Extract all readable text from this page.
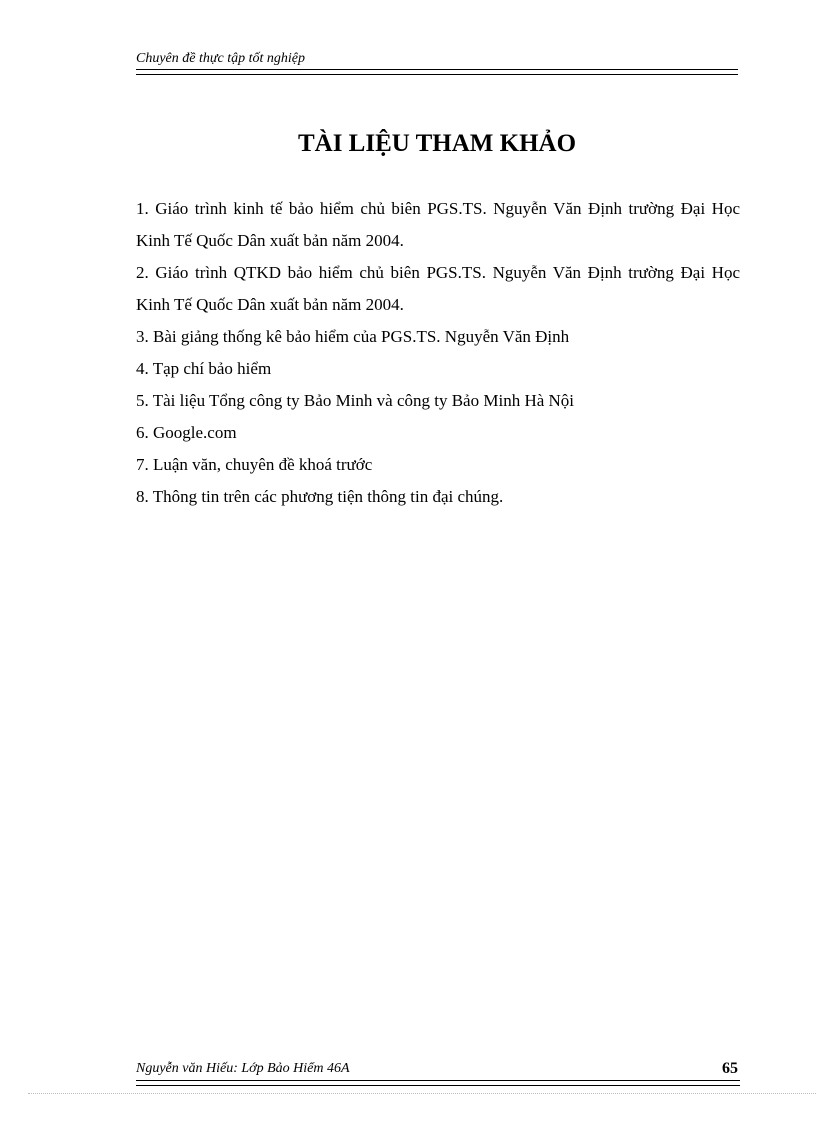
Chuyên đề thực tập tốt nghiệp
TÀI LIỆU THAM KHẢO
1. Giáo trình kinh tế bảo hiểm chủ biên PGS.TS. Nguyễn Văn Định trường Đại Học Kinh Tế Quốc Dân xuất bản năm 2004.
2. Giáo trình QTKD bảo hiểm chủ biên PGS.TS. Nguyễn Văn Định trường Đại Học Kinh Tế Quốc Dân xuất bản năm 2004.
3. Bài giảng thống kê bảo hiểm của PGS.TS. Nguyễn Văn Định
4. Tạp chí bảo hiểm
5. Tài liệu Tổng công ty Bảo Minh và công ty Bảo Minh Hà Nội
6. Google.com
7. Luận văn, chuyên đề khoá trước
8. Thông tin trên các phương tiện thông tin đại chúng.
Nguyễn văn Hiếu: Lớp Bảo Hiểm 46A	65
